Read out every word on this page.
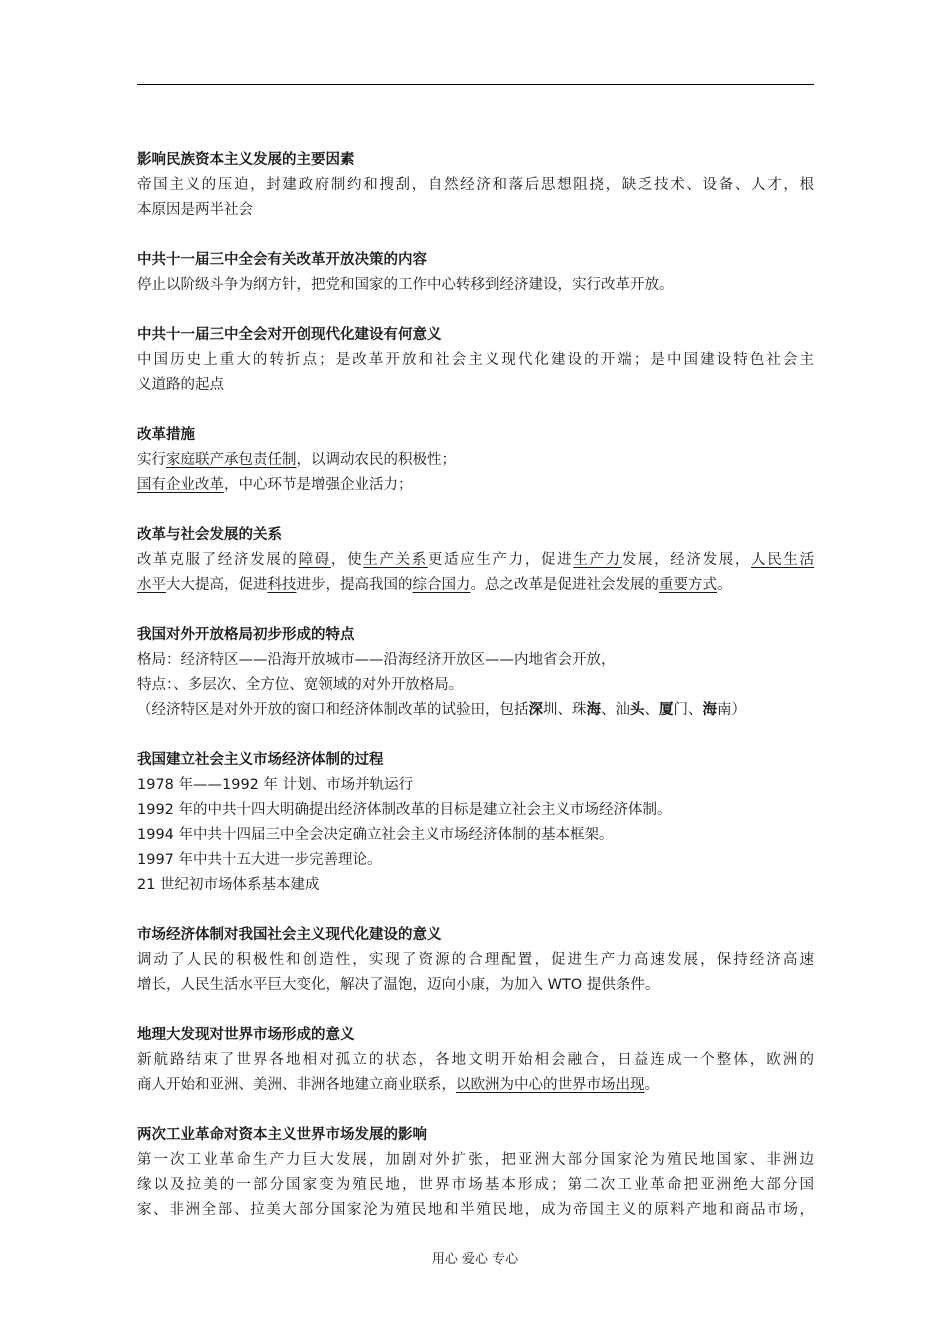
影响民族资本主义发展的主要因素
帝国主义的压迫，封建政府制约和搜刮，自然经济和落后思想阻挠，缺乏技术、设备、人才，根
本原因是两半社会
中共十一届三中全会有关改革开放决策的内容
停止以阶级斗争为纲方针，把党和国家的工作中心转移到经济建设，实行改革开放。
中共十一届三中全会对开创现代化建设有何意义
中国历史上重大的转折点；是改革开放和社会主义现代化建设的开端；是中国建设特色社会主
义道路的起点
改革措施
实行家庭联产承包责任制，以调动农民的积极性；
国有企业改革，中心环节是增强企业活力；
改革与社会发展的关系
改革克服了经济发展的障碍，使生产关系更适应生产力，促进生产力发展，经济发展，人民生活
水平大大提高，促进科技进步，提高我国的综合国力。总之改革是促进社会发展的重要方式。
我国对外开放格局初步形成的特点
格局：经济特区——沿海开放城市——沿海经济开放区——内地省会开放，
特点：、多层次、全方位、宽领域的对外开放格局。
（经济特区是对外开放的窗口和经济体制改革的试验田，包括深圳、珠海、汕头、厦门、海南）
我国建立社会主义市场经济体制的过程
1978 年——1992 年 计划、市场并轨运行
1992 年的中共十四大明确提出经济体制改革的目标是建立社会主义市场经济体制。
1994 年中共十四届三中全会决定确立社会主义市场经济体制的基本框架。
1997 年中共十五大进一步完善理论。
21 世纪初市场体系基本建成
市场经济体制对我国社会主义现代化建设的意义
调动了人民的积极性和创造性，实现了资源的合理配置，促进生产力高速发展，保持经济高速
增长，人民生活水平巨大变化，解决了温饱，迈向小康，为加入 WTO 提供条件。
地理大发现对世界市场形成的意义
新航路结束了世界各地相对孤立的状态，各地文明开始相会融合，日益连成一个整体，欧洲的
商人开始和亚洲、美洲、非洲各地建立商业联系，以欧洲为中心的世界市场出现。
两次工业革命对资本主义世界市场发展的影响
第一次工业革命生产力巨大发展，加剧对外扩张，把亚洲大部分国家沦为殖民地国家、非洲边
缘以及拉美的一部分国家变为殖民地，世界市场基本形成；第二次工业革命把亚洲绝大部分国
家、非洲全部、拉美大部分国家沦为殖民地和半殖民地，成为帝国主义的原料产地和商品市场，
用心 爱心 专心
